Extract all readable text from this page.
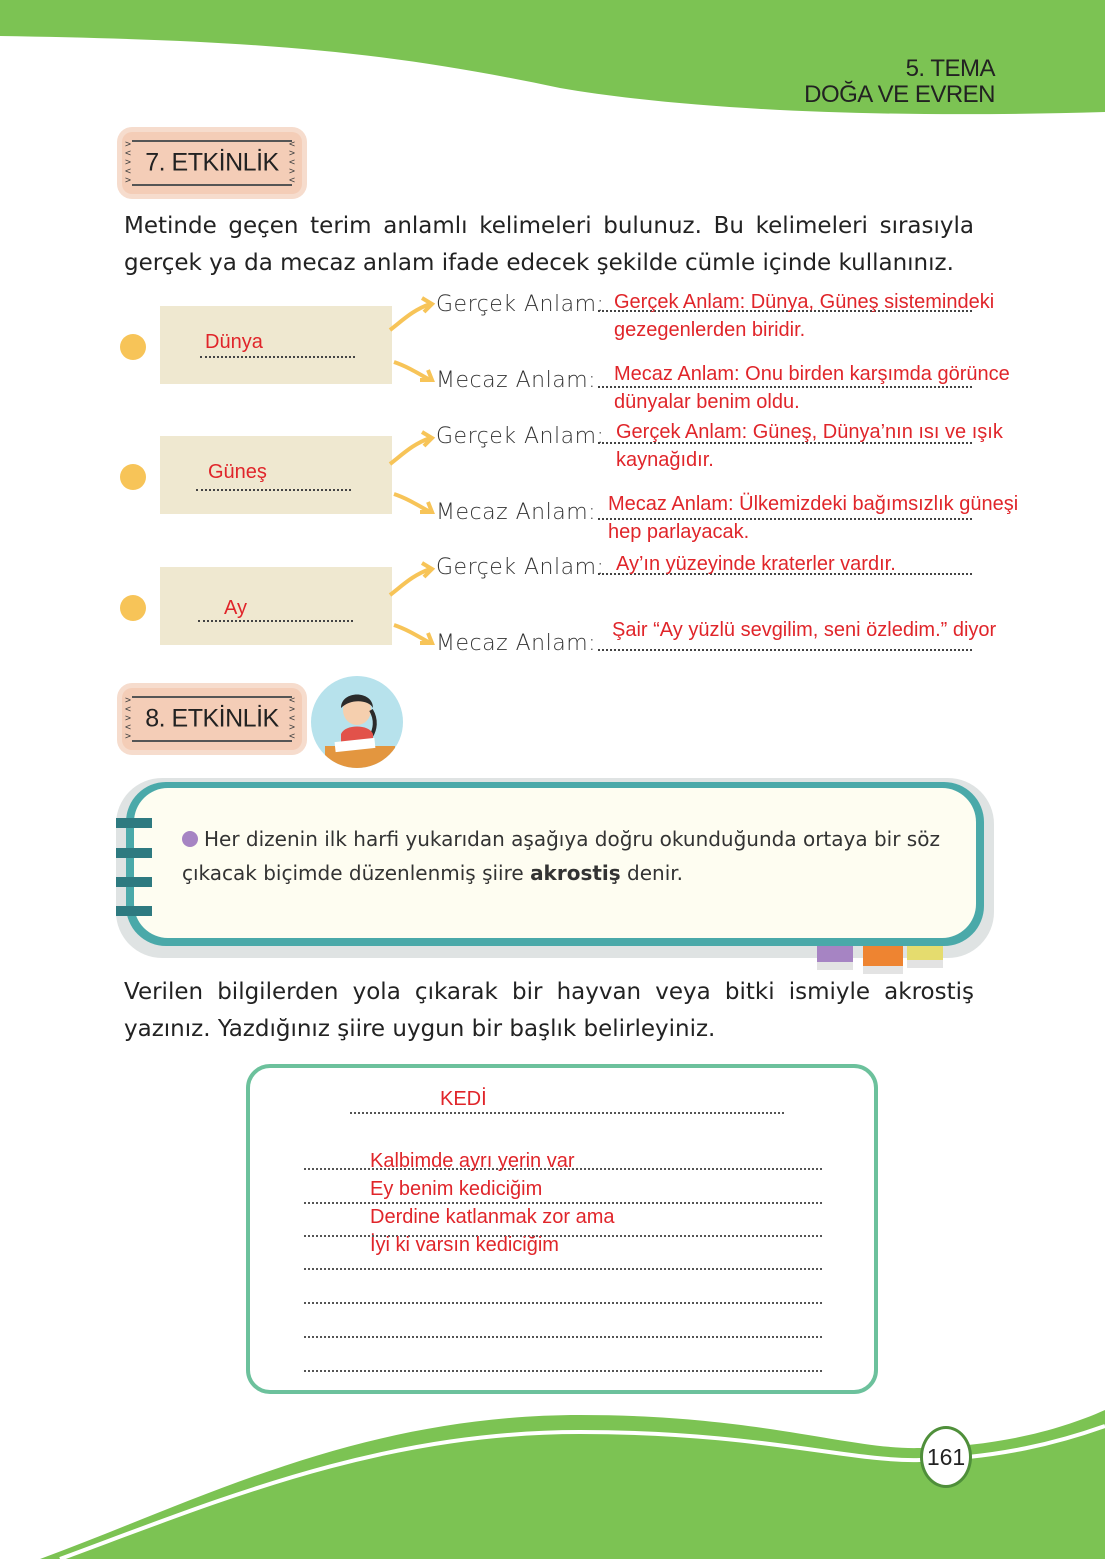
5. TEMA
DOĞA VE EVREN
>
<
>
<
>
<
>
<
>
<
7. ETKİNLİK
Metinde geçen terim anlamlı kelimeleri bulunuz. Bu kelimeleri sırasıyla gerçek ya da mecaz anlam ifade edecek şekilde cümle içinde kullanınız.
Dünya
Gerçek Anlam: Gerçek Anlam: Dünya, Güneş sistemindeki gezegenlerden biridir.
Mecaz Anlam: Mecaz Anlam: Onu birden karşımda görünce dünyalar benim oldu.
Güneş
Gerçek Anlam: Gerçek Anlam: Güneş, Dünya’nın ısı ve ışık kaynağıdır.
Mecaz Anlam: Mecaz Anlam: Ülkemizdeki bağımsızlık güneşi hep parlayacak.
Ay
Gerçek Anlam: Ay’ın yüzeyinde kraterler vardır.
Mecaz Anlam:
Şair “Ay yüzlü sevgilim, seni özledim.” diyor
>
<
>
<
>
<
>
<
>
<
8. ETKİNLİK
Her dizenin ilk harfi yukarıdan aşağıya doğru okunduğunda ortaya bir söz çıkacak biçimde düzenlenmiş şiire akrostiş denir.
Verilen bilgilerden yola çıkarak bir hayvan veya bitki ismiyle akrostiş yazınız. Yazdığınız şiire uygun bir başlık belirleyiniz.
KEDİ
Kalbimde ayrı yerin var
Ey benim kediciğim
Derdine katlanmak zor ama
İyi ki varsın kediciğim
161
